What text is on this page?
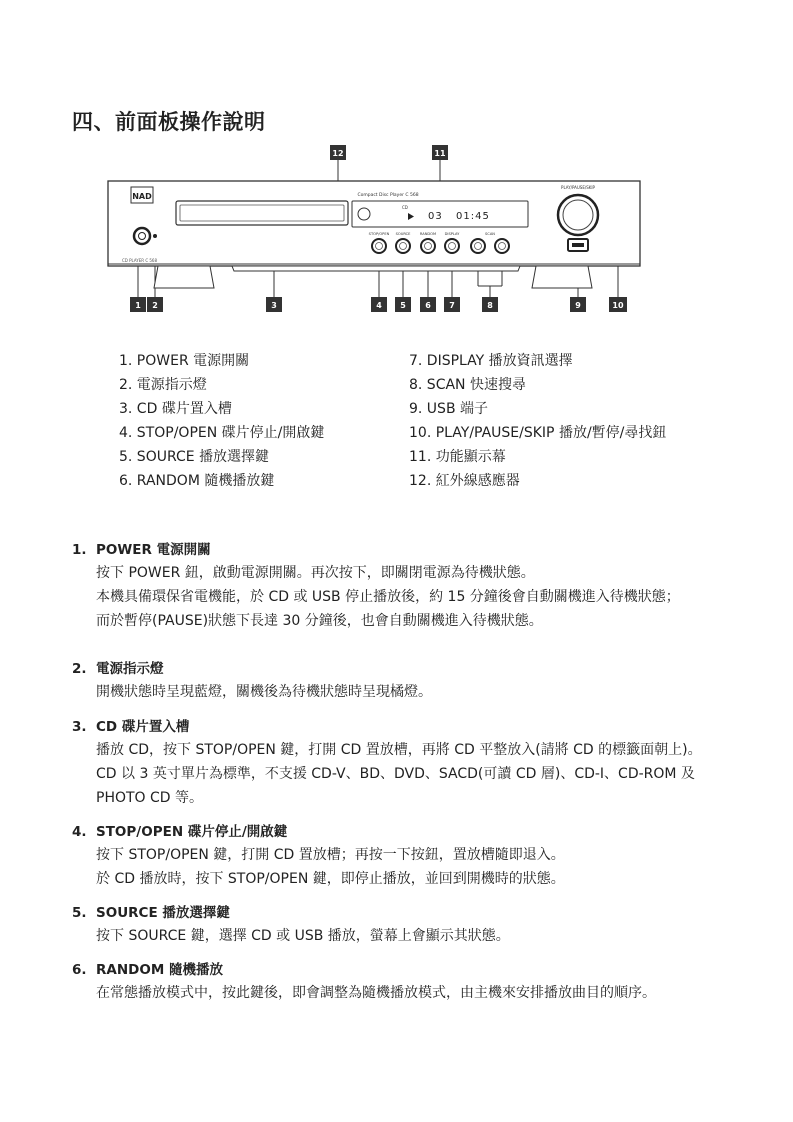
四、前面板操作說明
NAD
CD PLAYER C 568
Compact Disc Player C 568
CD
03 01:45
STOP/OPEN SOURCE	RANDOM DISPLAY	SCAN
PLAY/PAUSE/SKIP
12	11
1 2	3	4 5 6 7	8	9	10
1. POWER 電源開關
2. 電源指示燈
3. CD 碟片置入槽
4. STOP/OPEN 碟片停止/開啟鍵
5. SOURCE 播放選擇鍵
6. RANDOM 隨機播放鍵
7. DISPLAY 播放資訊選擇
8. SCAN 快速搜尋
9. USB 端子
10. PLAY/PAUSE/SKIP 播放/暫停/尋找鈕
11. 功能顯示幕
12. 紅外線感應器
1. POWER 電源開關
按下 POWER 鈕，啟動電源開關。再次按下，即關閉電源為待機狀態。
本機具備環保省電機能，於 CD 或 USB 停止播放後，約 15 分鐘後會自動關機進入待機狀態；
而於暫停(PAUSE)狀態下長達 30 分鐘後，也會自動關機進入待機狀態。
2. 電源指示燈
開機狀態時呈現藍燈，關機後為待機狀態時呈現橘燈。
3. CD 碟片置入槽
播放 CD，按下 STOP/OPEN 鍵，打開 CD 置放槽，再將 CD 平整放入(請將 CD 的標籤面朝上)。
CD 以 3 英寸單片為標準，不支援 CD-V、BD、DVD、SACD(可讀 CD 層)、CD-I、CD-ROM 及
PHOTO CD 等。
4. STOP/OPEN 碟片停止/開啟鍵
按下 STOP/OPEN 鍵，打開 CD 置放槽；再按一下按鈕，置放槽隨即退入。
於 CD 播放時，按下 STOP/OPEN 鍵，即停止播放，並回到開機時的狀態。
5. SOURCE 播放選擇鍵
按下 SOURCE 鍵，選擇 CD 或 USB 播放，螢幕上會顯示其狀態。
6. RANDOM 隨機播放
在常態播放模式中，按此鍵後，即會調整為隨機播放模式，由主機來安排播放曲目的順序。
